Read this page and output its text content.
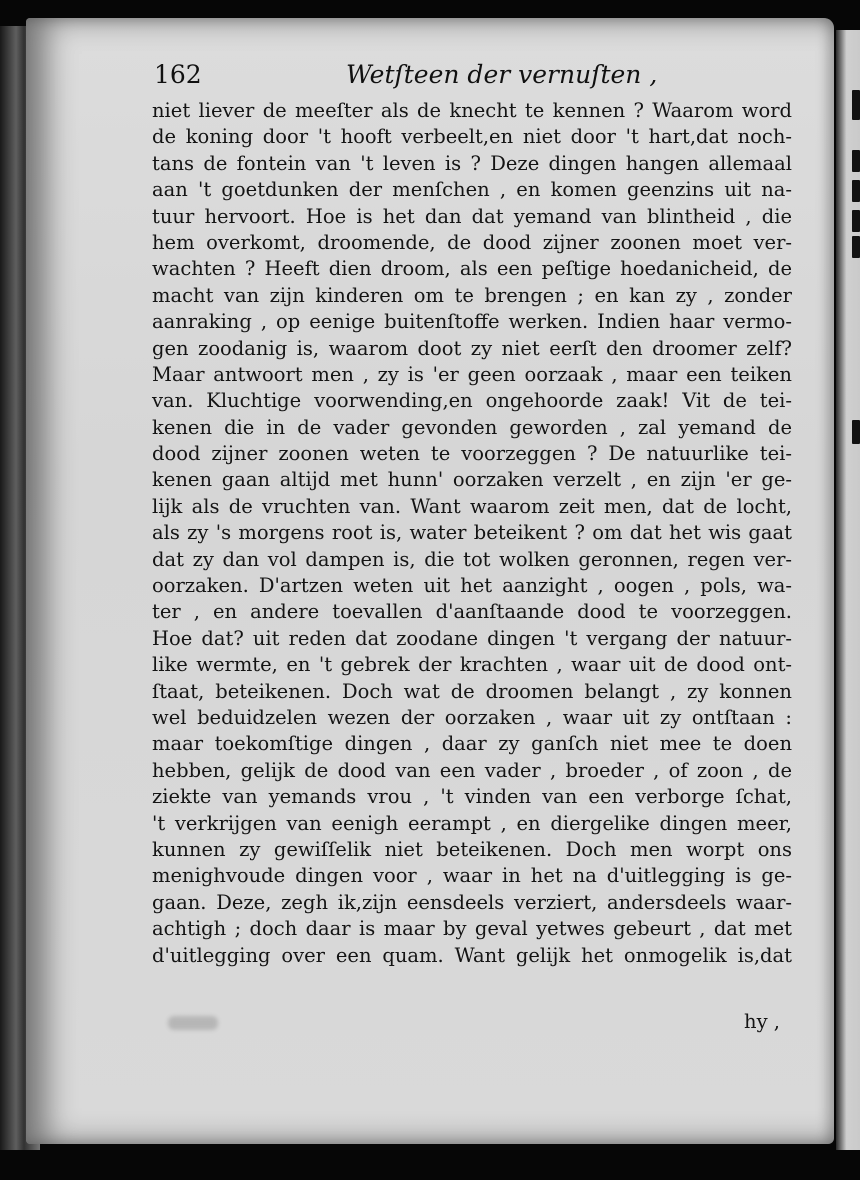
162	Wetſteen der vernuſten ,
niet liever de meeſter als de knecht te kennen ? Waarom word
de koning door 't hooft verbeelt,en niet door 't hart,dat noch-
tans de fontein van 't leven is ? Deze dingen hangen allemaal
aan 't goetdunken der menſchen , en komen geenzins uit na-
tuur hervoort. Hoe is het dan dat yemand van blintheid , die
hem overkomt, droomende, de dood zijner zoonen moet ver-
wachten ? Heeft dien droom, als een peſtige hoedanicheid, de
macht van zijn kinderen om te brengen ; en kan zy , zonder
aanraking , op eenige buitenſtoffe werken. Indien haar vermo-
gen zoodanig is, waarom doot zy niet eerſt den droomer zelf?
Maar antwoort men , zy is 'er geen oorzaak , maar een teiken
van. Kluchtige voorwending,en ongehoorde zaak! Vit de tei-
kenen die in de vader gevonden geworden , zal yemand de
dood zijner zoonen weten te voorzeggen ? De natuurlike tei-
kenen gaan altijd met hunn' oorzaken verzelt , en zijn 'er ge-
lijk als de vruchten van. Want waarom zeit men, dat de locht,
als zy 's morgens root is, water beteikent ? om dat het wis gaat
dat zy dan vol dampen is, die tot wolken geronnen, regen ver-
oorzaken. D'artzen weten uit het aanzight , oogen , pols, wa-
ter , en andere toevallen d'aanſtaande dood te voorzeggen.
Hoe dat? uit reden dat zoodane dingen 't vergang der natuur-
like wermte, en 't gebrek der krachten , waar uit de dood ont-
ſtaat, beteikenen. Doch wat de droomen belangt , zy konnen
wel beduidzelen wezen der oorzaken , waar uit zy ontſtaan :
maar toekomſtige dingen , daar zy ganſch niet mee te doen
hebben, gelijk de dood van een vader , broeder , of zoon , de
ziekte van yemands vrou , 't vinden van een verborge ſchat,
't verkrijgen van eenigh eerampt , en diergelike dingen meer,
kunnen zy gewiſſelik niet beteikenen. Doch men worpt ons
menighvoude dingen voor , waar in het na d'uitlegging is ge-
gaan. Deze, zegh ik,zijn eensdeels verziert, andersdeels waar-
achtigh ; doch daar is maar by geval yetwes gebeurt , dat met
d'uitlegging over een quam. Want gelijk het onmogelik is,dat
hy ,
